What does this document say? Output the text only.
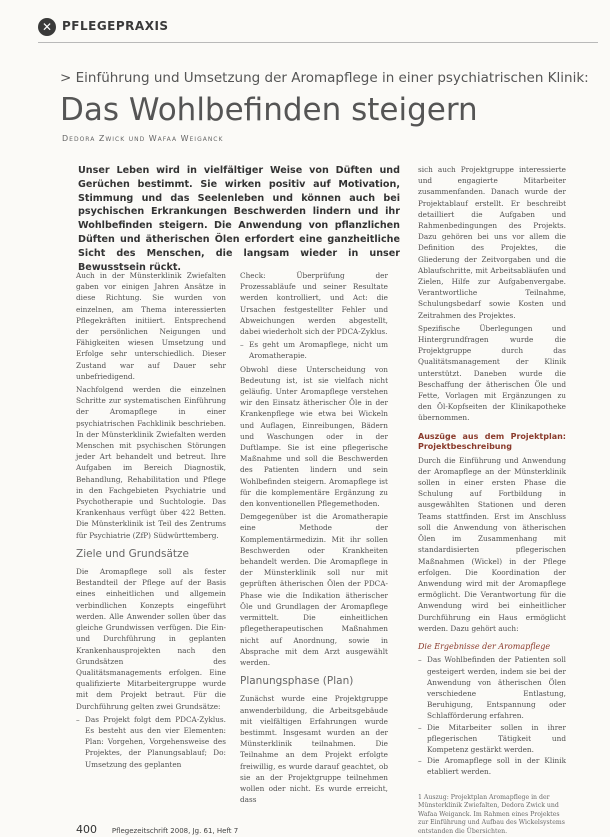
✕ PFLEGEPRAXIS
> Einführung und Umsetzung der Aromapflege in einer psychiatrischen Klinik:
Das Wohlbefinden steigern
Dedora Zwick und Wafaa Weiganck
Unser Leben wird in vielfältiger Weise von Düften und Gerüchen bestimmt. Sie wirken positiv auf Motivation, Stimmung und das Seelenleben und können auch bei psychischen Erkrankungen Beschwerden lindern und ihr Wohlbefinden steigern. Die Anwendung von pflanzlichen Düften und ätherischen Ölen erfordert eine ganzheitliche Sicht des Menschen, die langsam wieder in unser Bewusstsein rückt.

Auch in der Münsterklinik Zwiefalten gaben vor einigen Jahren Ansätze in diese Richtung. Sie wurden von einzelnen, am Thema interessierten Pflegekräften initiiert. Entsprechend der persönlichen Neigungen und Fähigkeiten wiesen Umsetzung und Erfolge sehr unterschiedlich. Dieser Zustand war auf Dauer sehr unbefriedigend.

Nachfolgend werden die einzelnen Schritte zur systematischen Einführung der Aromapflege in einer psychiatrischen Fachklinik beschrieben. In der Münsterklinik Zwiefalten werden Menschen mit psychischen Störungen jeder Art behandelt und betreut. Ihre Aufgaben im Bereich Diagnostik, Behandlung, Rehabilitation und Pflege in den Fachgebieten Psychiatrie und Psychotherapie und Suchtologie. Das Krankenhaus verfügt über 422 Betten. Die Münsterklinik ist Teil des Zentrums für Psychiatrie (ZfP) Südwürttemberg.

Ziele und Grundsätze

Die Aromapflege soll als fester Bestandteil der Pflege auf der Basis eines einheitlichen und allgemein verbindlichen Konzepts eingeführt werden. Alle Anwender sollen über das gleiche Grundwissen verfügen. Die Ein- und Durchführung in geplanten Krankenhausprojekten nach den Grundsätzen des Qualitätsmanagements erfolgen. Eine qualifizierte Mitarbeitergruppe wurde mit dem Projekt betraut. Für die Durchführung gelten zwei Grundsätze:

– Das Projekt folgt dem PDCA-Zyklus. Es besteht aus den vier Elementen: Plan: Vorgehen, Vorgehensweise des Projektes, der Planungsablauf; Do: Umsetzung des geplanten

Check: Überprüfung der Prozessabläufe und seiner Resultate werden kontrolliert, und Act: die Ursachen festgestellter Fehler und Abweichungen werden abgestellt, dabei wiederholt sich der PDCA-Zyklus.

– Es geht um Aromapflege, nicht um Aromatherapie.

Obwohl diese Unterscheidung von Bedeutung ist, ist sie vielfach nicht geläufig. Unter Aromapflege verstehen wir den Einsatz ätherischer Öle in der Krankenpflege wie etwa bei Wickeln und Auflagen, Einreibungen, Bädern und Waschungen oder in der Duftlampe. Sie ist eine pflegerische Maßnahme und soll die Beschwerden des Patienten lindern und sein Wohlbefinden steigern. Aromapflege ist für die komplementäre Ergänzung zu den konventionellen Pflegemethoden.

Demgegenüber ist die Aromatherapie eine Methode der Komplementärmedizin. Mit ihr sollen Beschwerden oder Krankheiten behandelt werden. Die Aromapflege in der Münsterklinik soll nur mit geprüften ätherischen Ölen der PDCA-Phase wie die Indikation ätherischer Öle und Grundlagen der Aromapflege vermittelt. Die einheitlichen pflegetherapeutischen Maßnahmen nicht auf Anordnung, sowie in Absprache mit dem Arzt ausgewählt werden.

Planungsphase (Plan)

Zunächst wurde eine Projektgruppe anwenderbildung, die Arbeitsgebäude mit vielfältigen Erfahrungen wurde bestimmt. Insgesamt wurden an der Münsterklinik teilnahmen. Die Teilnahme an dem Projekt erfolgte freiwillig, es wurde darauf geachtet, ob sie an der Projektgruppe teilnehmen wollen oder nicht. Es wurde erreicht, dass

sich auch Projektgruppe interessierte und engagierte Mitarbeiter zusammenfanden. Danach wurde der Projektablauf erstellt. Er beschreibt detailliert die Aufgaben und Rahmenbedingungen des Projekts. Dazu gehören bei uns vor allem die Definition des Projektes, die Gliederung der Zeitvorgaben und die Ablaufschritte, mit Arbeitsabläufen und Zielen, Hilfe zur Aufgabenvergabe. Verantwortliche Teilnahme, Schulungsbedarf sowie Kosten und Zeitrahmen des Projektes.

Spezifische Überlegungen und Hintergrundfragen wurde die Projektgruppe durch das Qualitätsmanagement der Klinik unterstützt. Daneben wurde die Beschaffung der ätherischen Öle und Fette, Vorlagen mit Ergänzungen zu den Öl-Kopfseiten der Klinikapotheke übernommen.

Auszüge aus dem Projektplan: Projektbeschreibung

Durch die Einführung und Anwendung der Aromapflege an der Münsterklinik sollen in einer ersten Phase die Schulung auf Fortbildung in ausgewählten Stationen und deren Teams stattfinden. Erst im Anschluss soll die Anwendung von ätherischen Ölen im Zusammenhang mit standardisierten pflegerischen Maßnahmen (Wickel) in der Pflege erfolgen. Die Koordination der Anwendung wird mit der Aromapflege ermöglicht. Die Verantwortung für die Anwendung wird bei einheitlicher Durchführung ein Haus ermöglicht werden. Dazu gehört auch:

Die Ergebnisse der Aromapflege
– Das Wohlbefinden der Patienten soll gesteigert werden, indem sie bei der Anwendung von ätherischen Ölen verschiedene Entlastung, Beruhigung, Entspannung oder Schlafförderung erfahren.
– Die Mitarbeiter sollen in ihrer pflegerischen Tätigkeit und Kompetenz gestärkt werden.
– Die Aromapflege soll in der Klinik etabliert werden.
1 Auszug: Projektplan Aromapflege in der Münsterklinik Zwiefalten, Dedora Zwick und Wafaa Weiganck. Im Rahmen eines Projektes zur Einführung und Aufbau des Wickelsystems entstanden die Übersichten.
400 Pflegezeitschrift 2008, Jg. 61, Heft 7
